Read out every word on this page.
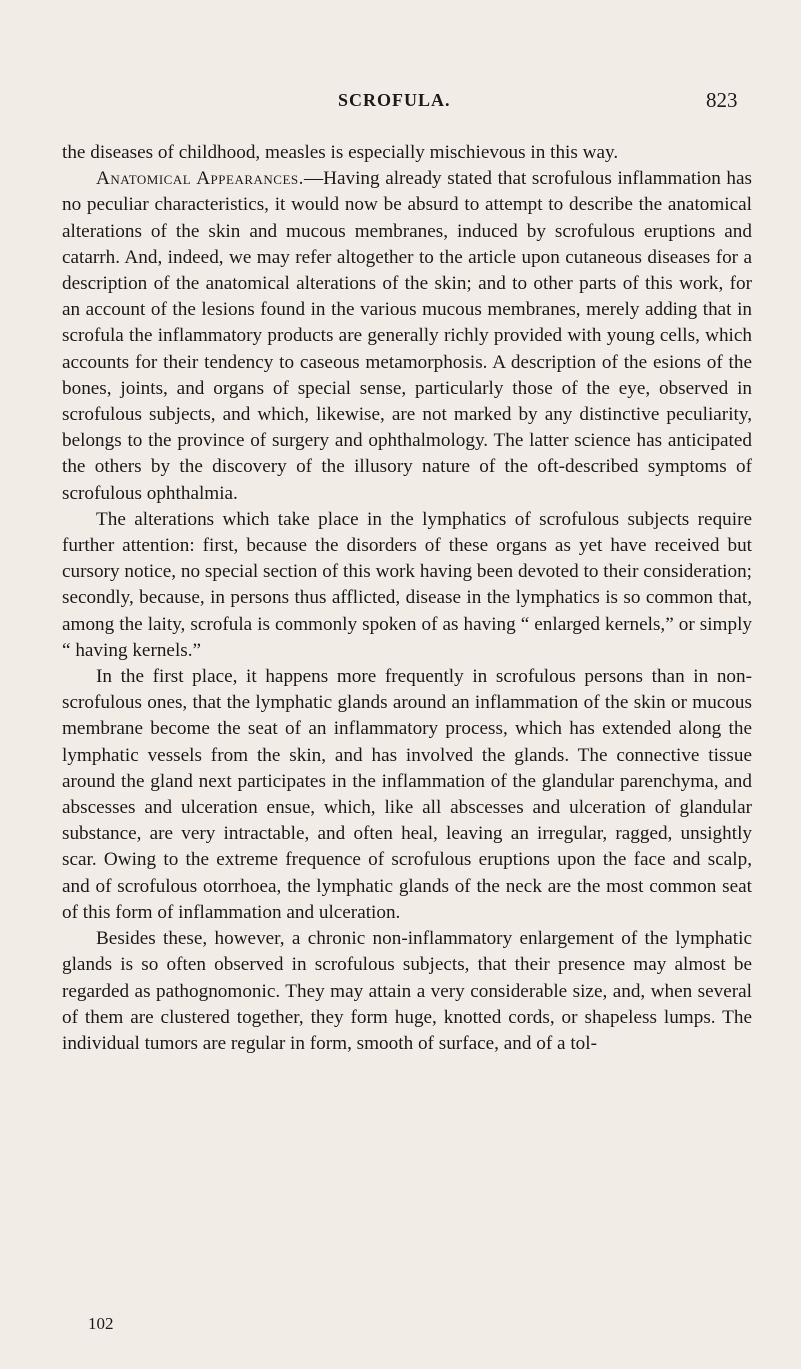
SCROFULA.	823

the diseases of childhood, measles is especially mischievous in this way.

Anatomical Appearances.—Having already stated that scrofulous inflammation has no peculiar characteristics, it would now be absurd to attempt to describe the anatomical alterations of the skin and mucous membranes, induced by scrofulous eruptions and catarrh. And, indeed, we may refer altogether to the article upon cutaneous diseases for a description of the anatomical alterations of the skin; and to other parts of this work, for an account of the lesions found in the various mucous membranes, merely adding that in scrofula the inflammatory products are generally richly provided with young cells, which accounts for their tendency to caseous metamorphosis. A description of the esions of the bones, joints, and organs of special sense, particularly those of the eye, observed in scrofulous subjects, and which, likewise, are not marked by any distinctive peculiarity, belongs to the province of surgery and ophthalmology. The latter science has anticipated the others by the discovery of the illusory nature of the oft-described symptoms of scrofulous ophthalmia.

The alterations which take place in the lymphatics of scrofulous subjects require further attention: first, because the disorders of these organs as yet have received but cursory notice, no special section of this work having been devoted to their consideration; secondly, because, in persons thus afflicted, disease in the lymphatics is so common that, among the laity, scrofula is commonly spoken of as having “ enlarged kernels,” or simply “ having kernels.”

In the first place, it happens more frequently in scrofulous persons than in non-scrofulous ones, that the lymphatic glands around an inflammation of the skin or mucous membrane become the seat of an inflammatory process, which has extended along the lymphatic vessels from the skin, and has involved the glands. The connective tissue around the gland next participates in the inflammation of the glandular parenchyma, and abscesses and ulceration ensue, which, like all abscesses and ulceration of glandular substance, are very intractable, and often heal, leaving an irregular, ragged, unsightly scar. Owing to the extreme frequence of scrofulous eruptions upon the face and scalp, and of scrofulous otorrhoea, the lymphatic glands of the neck are the most common seat of this form of inflammation and ulceration.

Besides these, however, a chronic non-inflammatory enlargement of the lymphatic glands is so often observed in scrofulous subjects, that their presence may almost be regarded as pathognomonic. They may attain a very considerable size, and, when several of them are clustered together, they form huge, knotted cords, or shapeless lumps. The individual tumors are regular in form, smooth of surface, and of a tol-

102
